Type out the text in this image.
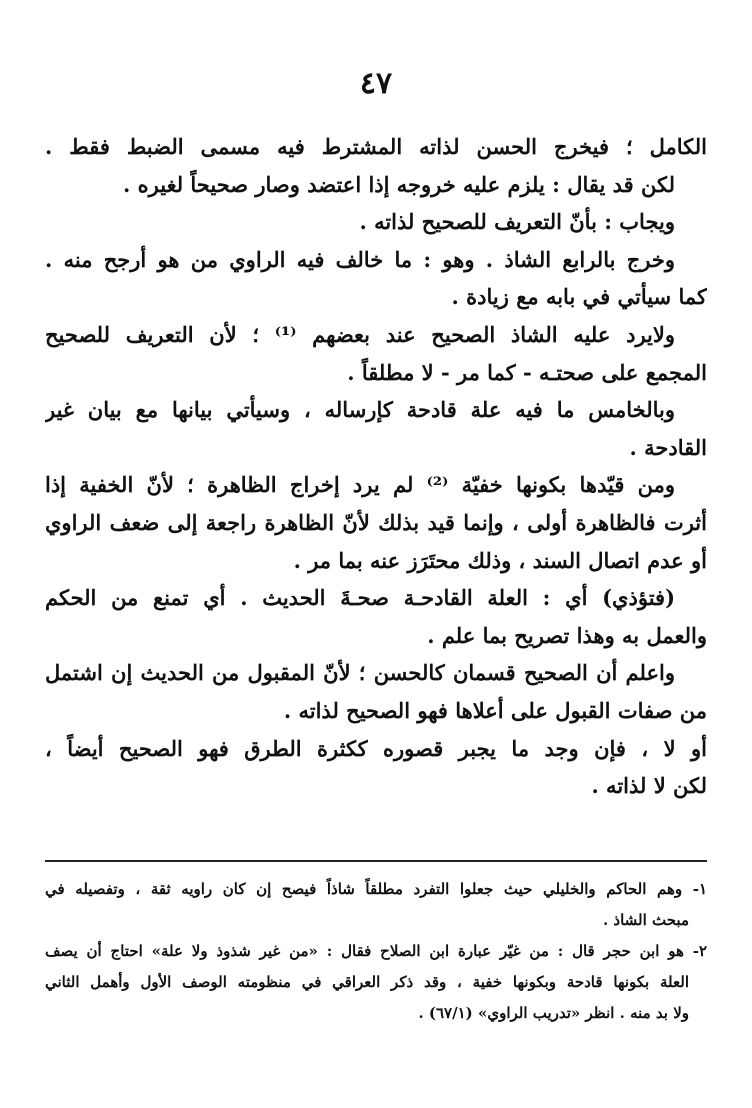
٤٧
الكامل ؛ فيخرج الحسن لذاته المشترط فيه مسمى الضبط فقط .
لكن قد يقال : يلزم عليه خروجه إذا اعتضد وصار صحيحاً لغيره .
ويجاب : بأنّ التعريف للصحيح لذاته .
وخرج بالرابع الشاذ . وهو : ما خالف فيه الراوي من هو أرجح منه .
كما سيأتي في بابه مع زيادة .
ولايرد عليه الشاذ الصحيح عند بعضهم ⁽¹⁾ ؛ لأن التعريف للصحيح
المجمع على صحتـه - كما مر - لا مطلقاً .
وبالخامس ما فيه علة قادحة كإرساله ، وسيأتي بيانها مع بيان غير
القادحة .
ومن قيّدها بكونها خفيّة ⁽²⁾ لم يرد إخراج الظاهرة ؛ لأنّ الخفية إذا
أثرت فالظاهرة أولى ، وإنما قيد بذلك لأنّ الظاهرة راجعة إلى ضعف الراوي
أو عدم اتصال السند ، وذلك محتَرَز عنه بما مر .
(فتؤذي) أي : العلة القادحـة صحـةَ الحديث . أي تمنع من الحكم
والعمل به وهذا تصريح بما علم .
واعلم أن الصحيح قسمان كالحسن ؛ لأنّ المقبول من الحديث إن اشتمل
من صفات القبول على أعلاها فهو الصحيح لذاته .
أو لا ، فإن وجد ما يجبر قصوره ككثرة الطرق فهو الصحيح أيضاً ،
لكن لا لذاته .
١- وهم الحاكم والخليلي حيث جعلوا التفرد مطلقاً شاذاً فيصح إن كان راويه ثقة ، وتفصيله في
مبحث الشاذ .
٢- هو ابن حجر قال : من غيّر عبارة ابن الصلاح فقال : «من غير شذوذ ولا علة» احتاج أن يصف
العلة بكونها قادحة وبكونها خفية ، وقد ذكر العراقي في منظومته الوصف الأول وأهمل الثاني
ولا بد منه . انظر «تدريب الراوي» (٦٧/١) .
